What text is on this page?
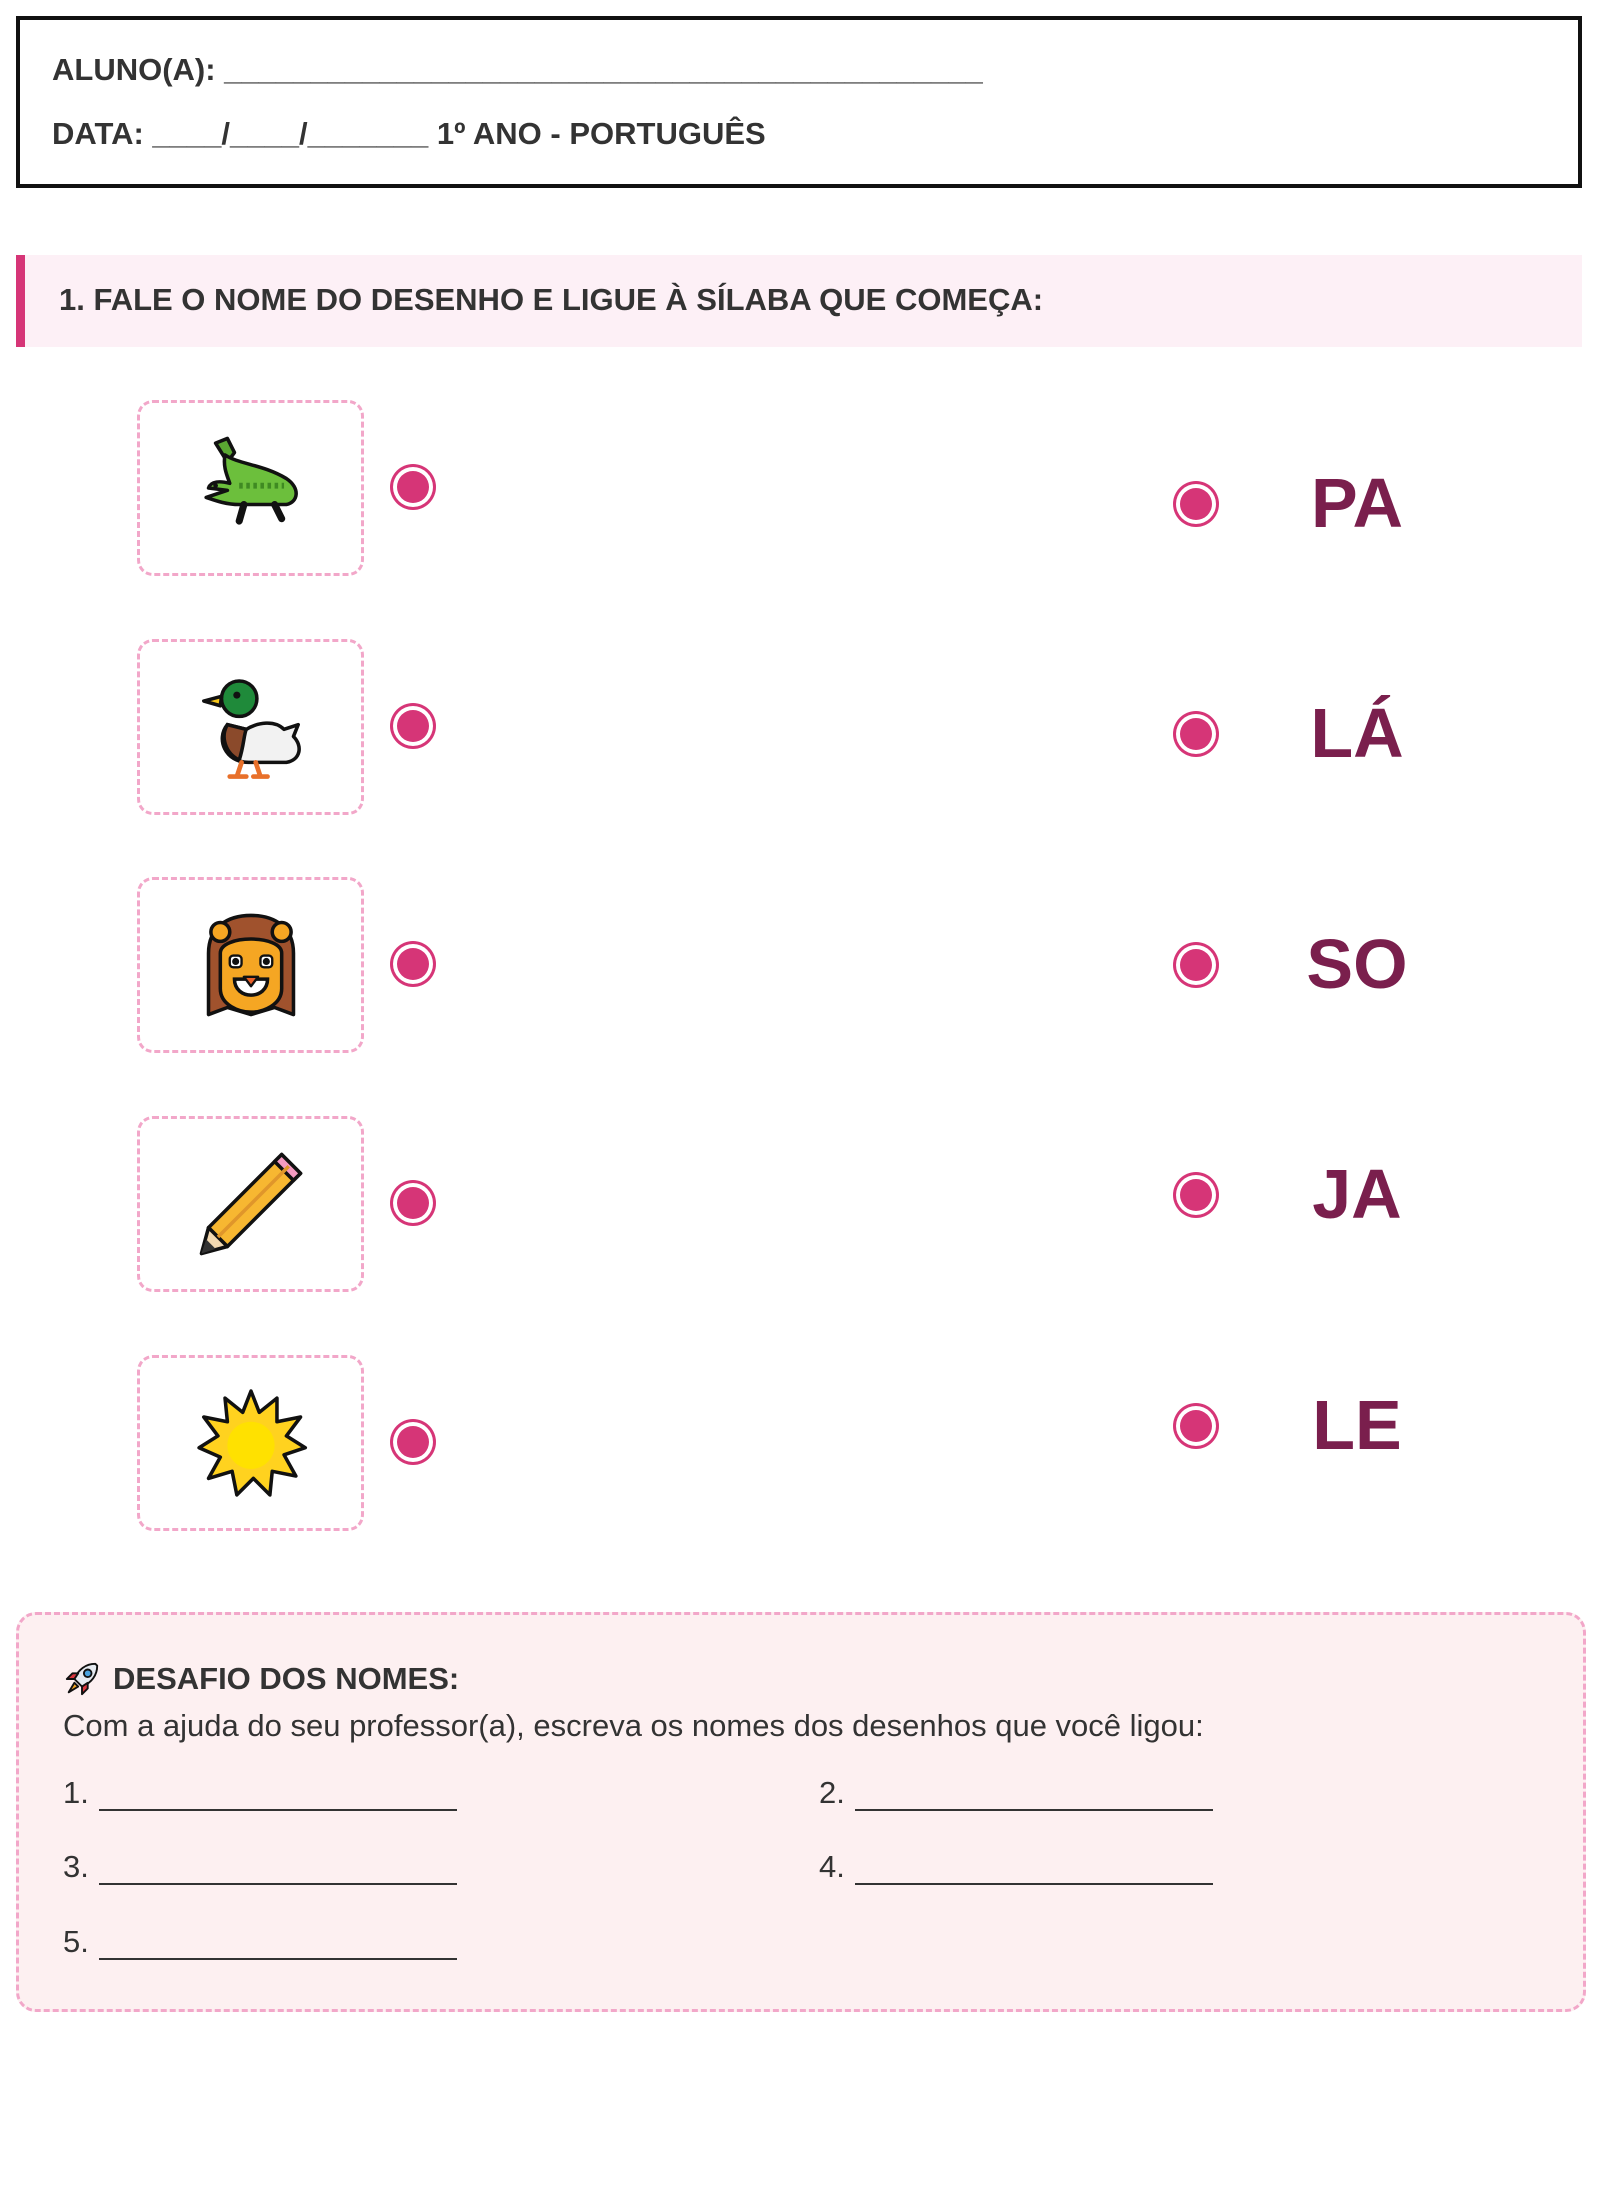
ALUNO(A): ____________________________________________
DATA: ____/____/_______ 1º ANO - PORTUGUÊS
1. FALE O NOME DO DESENHO E LIGUE À SÍLABA QUE COMEÇA:
PA
LÁ
SO
JA
LE
DESAFIO DOS NOMES:
Com a ajuda do seu professor(a), escreva os nomes dos desenhos que você ligou:
1.	2.
3.	4.
5.
